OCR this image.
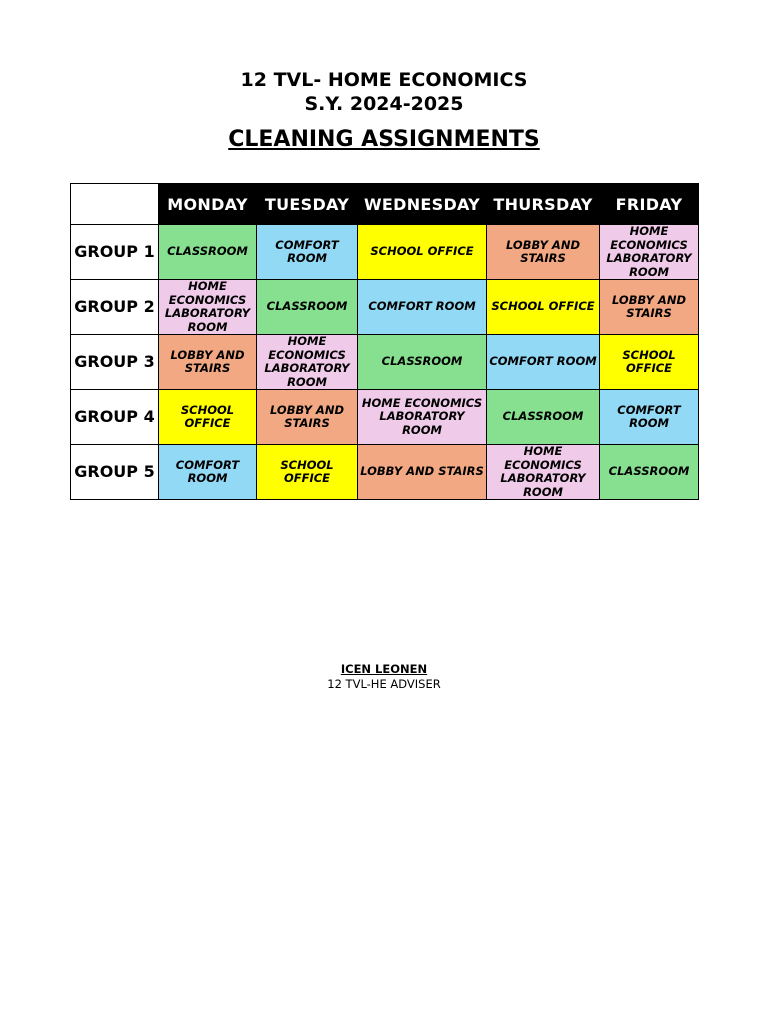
12 TVL- HOME ECONOMICS
S.Y. 2024-2025
CLEANING ASSIGNMENTS
	MONDAY	TUESDAY	WEDNESDAY	THURSDAY	FRIDAY
GROUP 1	CLASSROOM	COMFORT ROOM	SCHOOL OFFICE	LOBBY AND STAIRS	HOME ECONOMICS LABORATORY ROOM
GROUP 2	HOME ECONOMICS LABORATORY ROOM	CLASSROOM	COMFORT ROOM	SCHOOL OFFICE	LOBBY AND STAIRS
GROUP 3	LOBBY AND STAIRS	HOME ECONOMICS LABORATORY ROOM	CLASSROOM	COMFORT ROOM	SCHOOL OFFICE
GROUP 4	SCHOOL OFFICE	LOBBY AND STAIRS	HOME ECONOMICS LABORATORY ROOM	CLASSROOM	COMFORT ROOM
GROUP 5	COMFORT ROOM	SCHOOL OFFICE	LOBBY AND STAIRS	HOME ECONOMICS LABORATORY ROOM	CLASSROOM
ICEN LEONEN
12 TVL-HE ADVISER
